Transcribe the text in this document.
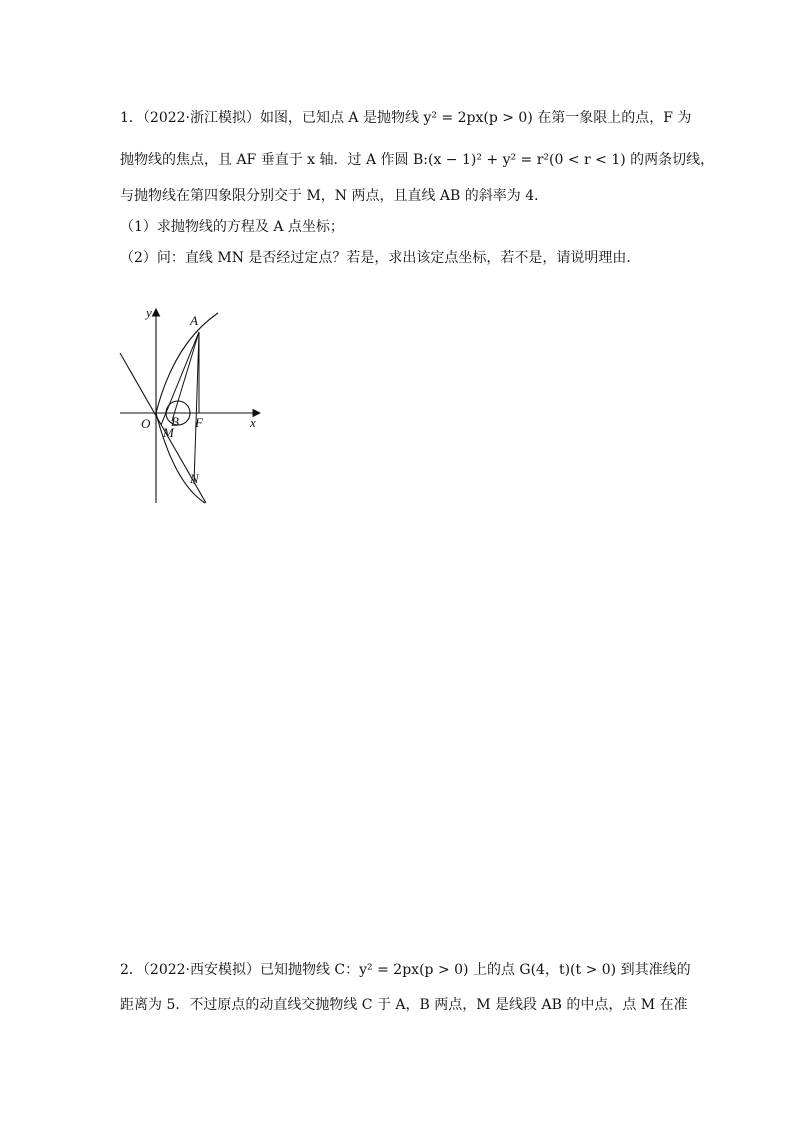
1．（2022·浙江模拟）如图，已知点 A 是抛物线 y² = 2px(p > 0) 在第一象限上的点，F 为
抛物线的焦点，且 AF 垂直于 x 轴．过 A 作圆 B:(x − 1)² + y² = r²(0 < r < 1) 的两条切线，
与抛物线在第四象限分别交于 M，N 两点，且直线 AB 的斜率为 4．
（1）求抛物线的方程及 A 点坐标；
（2）问：直线 MN 是否经过定点？若是，求出该定点坐标，若不是，请说明理由．
y
x
A
O B
M
F
N
2．（2022·西安模拟）已知抛物线 C：y² = 2px(p > 0) 上的点 G(4，t)(t > 0) 到其准线的
距离为 5．不过原点的动直线交抛物线 C 于 A，B 两点，M 是线段 AB 的中点，点 M 在准
